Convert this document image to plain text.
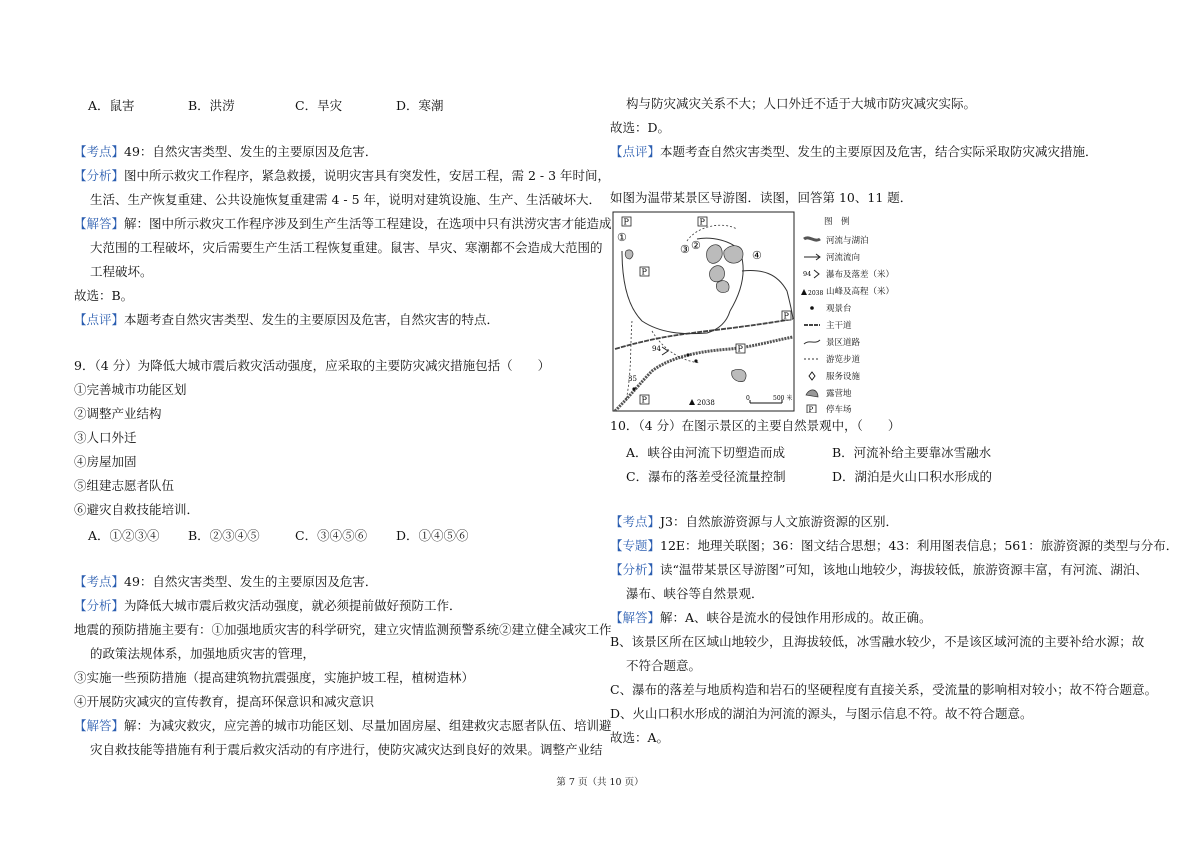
A．鼠害	B．洪涝	C．旱灾	D．寒潮
【考点】49：自然灾害类型、发生的主要原因及危害．
【分析】图中所示救灾工作程序，紧急救援，说明灾害具有突发性，安居工程，需 2 - 3 年时间，
生活、生产恢复重建、公共设施恢复重建需 4 - 5 年，说明对建筑设施、生产、生活破坏大．
【解答】解：图中所示救灾工作程序涉及到生产生活等工程建设，在选项中只有洪涝灾害才能造成
大范围的工程破坏，灾后需要生产生活工程恢复重建。鼠害、旱灾、寒潮都不会造成大范围的
工程破坏。
故选：B。
【点评】本题考查自然灾害类型、发生的主要原因及危害，自然灾害的特点．
9．（4 分）为降低大城市震后救灾活动强度，应采取的主要防灾减灾措施包括（　　）
①完善城市功能区划
②调整产业结构
③人口外迁
④房屋加固
⑤组建志愿者队伍
⑥避灾自救技能培训．
A．①②③④ B．②③④⑤	C．③④⑤⑥ D．①④⑤⑥
【考点】49：自然灾害类型、发生的主要原因及危害．
【分析】为降低大城市震后救灾活动强度，就必须提前做好预防工作．
地震的预防措施主要有：①加强地质灾害的科学研究，建立灾情监测预警系统②建立健全减灾工作
的政策法规体系，加强地质灾害的管理，
③实施一些预防措施（提高建筑物抗震强度，实施护坡工程，植树造林）
④开展防灾减灾的宣传教育，提高环保意识和减灾意识
【解答】解：为减灾救灾，应完善的城市功能区划、尽量加固房屋、组建救灾志愿者队伍、培训避
灾自救技能等措施有利于震后救灾活动的有序进行，使防灾减灾达到良好的效果。调整产业结
构与防灾减灾关系不大；人口外迁不适于大城市防灾减灾实际。
故选：D。
【点评】本题考查自然灾害类型、发生的主要原因及危害，结合实际采取防灾减灾措施．
如图为温带某景区导游图．读图，回答第 10、11 题．
10．（4 分）在图示景区的主要自然景观中，（　　）
A．峡谷由河流下切塑造而成	B．河流补给主要靠冰雪融水
C．瀑布的落差受径流量控制	D．湖泊是火山口积水形成的
【考点】J3：自然旅游资源与人文旅游资源的区别．
【专题】12E：地理关联图；36：图文结合思想；43：利用图表信息；561：旅游资源的类型与分布．
【分析】读“温带某景区导游图”可知，该地山地较少，海拔较低，旅游资源丰富，有河流、湖泊、
瀑布、峡谷等自然景观．
【解答】解：A、峡谷是流水的侵蚀作用形成的。故正确。
B、该景区所在区域山地较少，且海拔较低，冰雪融水较少，不是该区域河流的主要补给水源；故
不符合题意。
C、瀑布的落差与地质构造和岩石的坚硬程度有直接关系，受流量的影响相对较小；故不符合题意。
D、火山口积水形成的湖泊为河流的源头，与图示信息不符。故不符合题意。
故选：A。
①
③ ②
④
P	P
P
P
P
P
94
35
2038
0	500 米
图　例
河流与湖泊
河流流向
94 瀑布及落差（米）
2038 山峰及高程（米）
观景台
主干道
景区道路
游览步道
服务设施
露营地
P 停车场
第 7 页（共 10 页）
